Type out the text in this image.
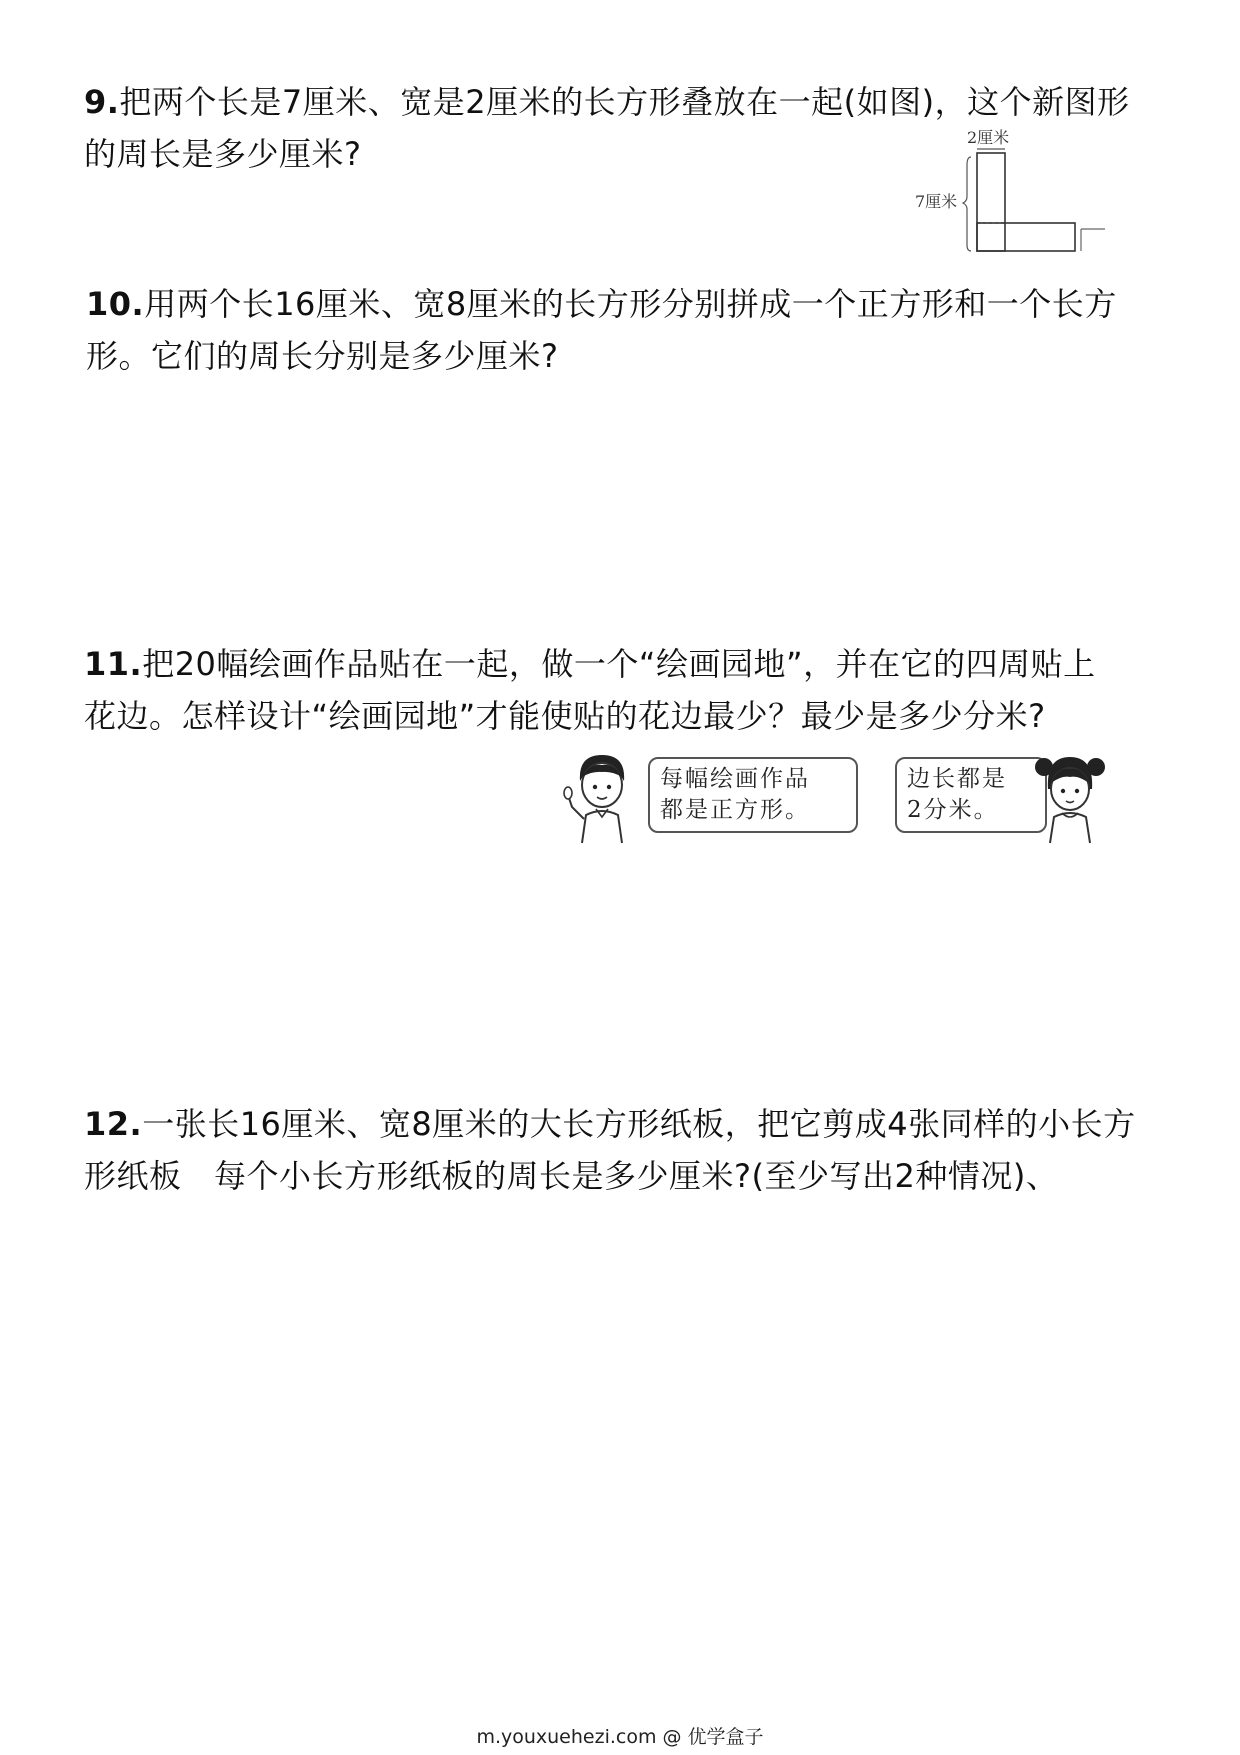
9.把两个长是7厘米、宽是2厘米的长方形叠放在一起(如图)，这个新图形
的周长是多少厘米?	2厘米
7厘米
10.用两个长16厘米、宽8厘米的长方形分别拼成一个正方形和一个长方
形。它们的周长分别是多少厘米?
11.把20幅绘画作品贴在一起，做一个“绘画园地”，并在它的四周贴上
花边。怎样设计“绘画园地”才能使贴的花边最少？最少是多少分米?
每幅绘画作品
都是正方形。
边长都是
2分米。
12.一张长16厘米、宽8厘米的大长方形纸板，把它剪成4张同样的小长方
形纸板　每个小长方形纸板的周长是多少厘米?(至少写出2种情况)、
m.youxuehezi.com @ 优学盒子
